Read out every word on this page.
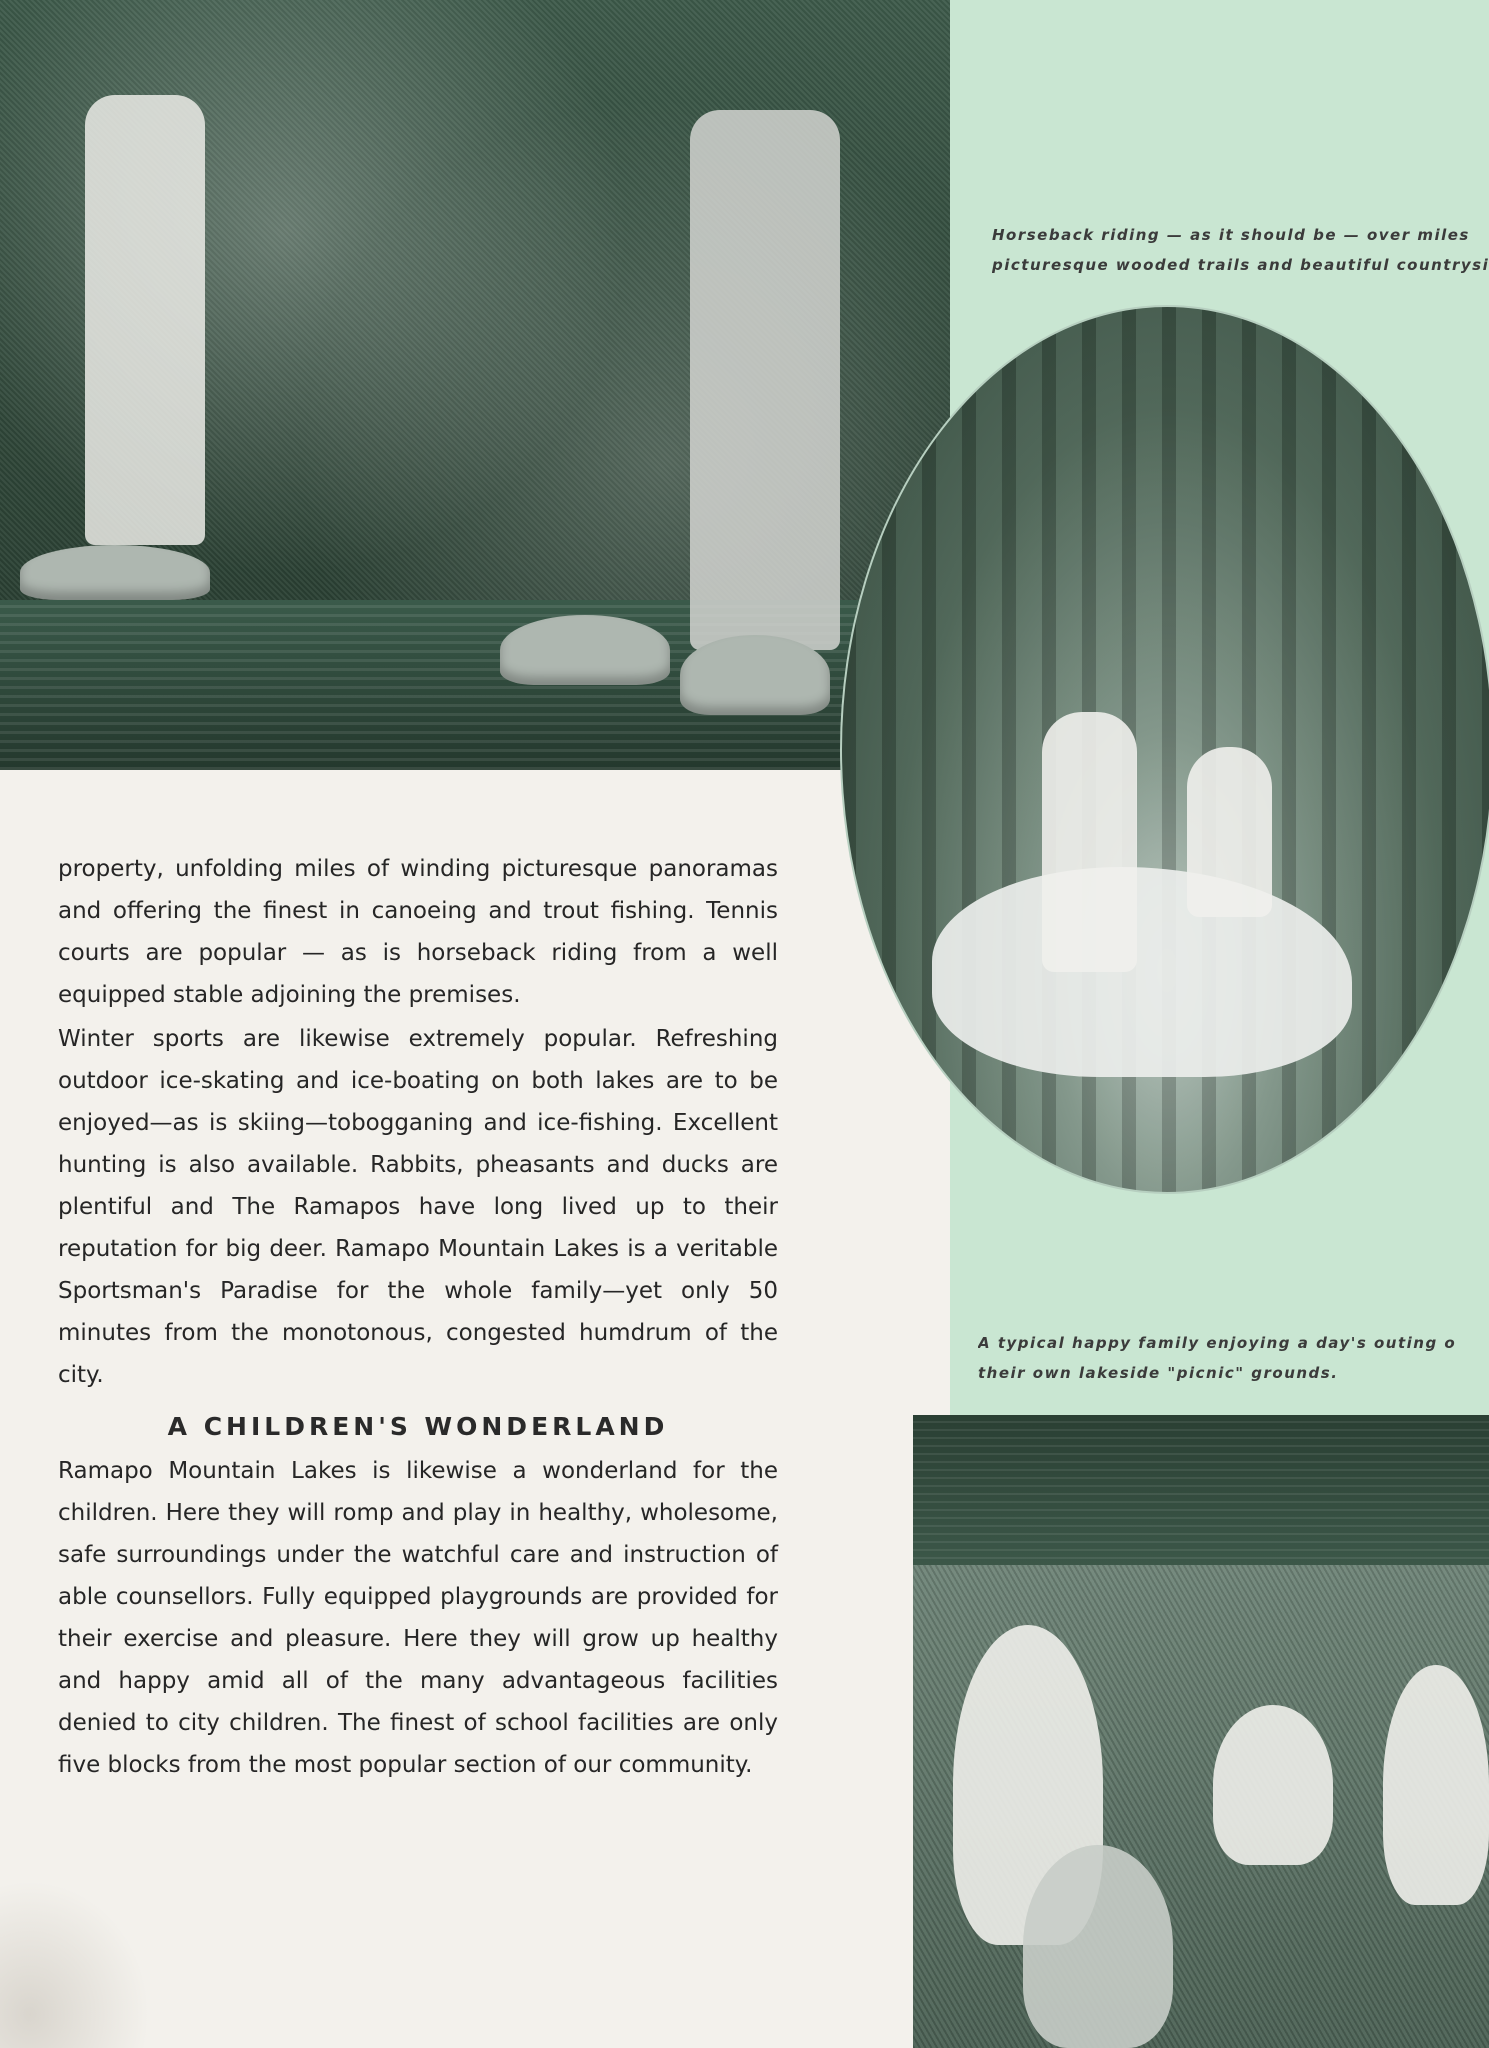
Horseback riding — as it should be — over miles
picturesque wooded trails and beautiful countrysi
A typical happy family enjoying a day's outing o
their own lakeside "picnic" grounds.

property, unfolding miles of winding picturesque panoramas and offering the finest in canoeing and trout fishing. Tennis courts are popular — as is horseback riding from a well equipped stable adjoining the premises.

Winter sports are likewise extremely popular. Refreshing outdoor ice-skating and ice-boating on both lakes are to be enjoyed—as is skiing—tobogganing and ice-fishing. Excellent hunting is also available. Rabbits, pheasants and ducks are plentiful and The Ramapos have long lived up to their reputation for big deer. Ramapo Mountain Lakes is a veritable Sportsman's Paradise for the whole family—yet only 50 minutes from the monotonous, congested humdrum of the city.

A CHILDREN'S WONDERLAND

Ramapo Mountain Lakes is likewise a wonderland for the children. Here they will romp and play in healthy, wholesome, safe surroundings under the watchful care and instruction of able counsellors. Fully equipped playgrounds are provided for their exercise and pleasure. Here they will grow up healthy and happy amid all of the many advantageous facilities denied to city children. The finest of school facilities are only five blocks from the most popular section of our community.
